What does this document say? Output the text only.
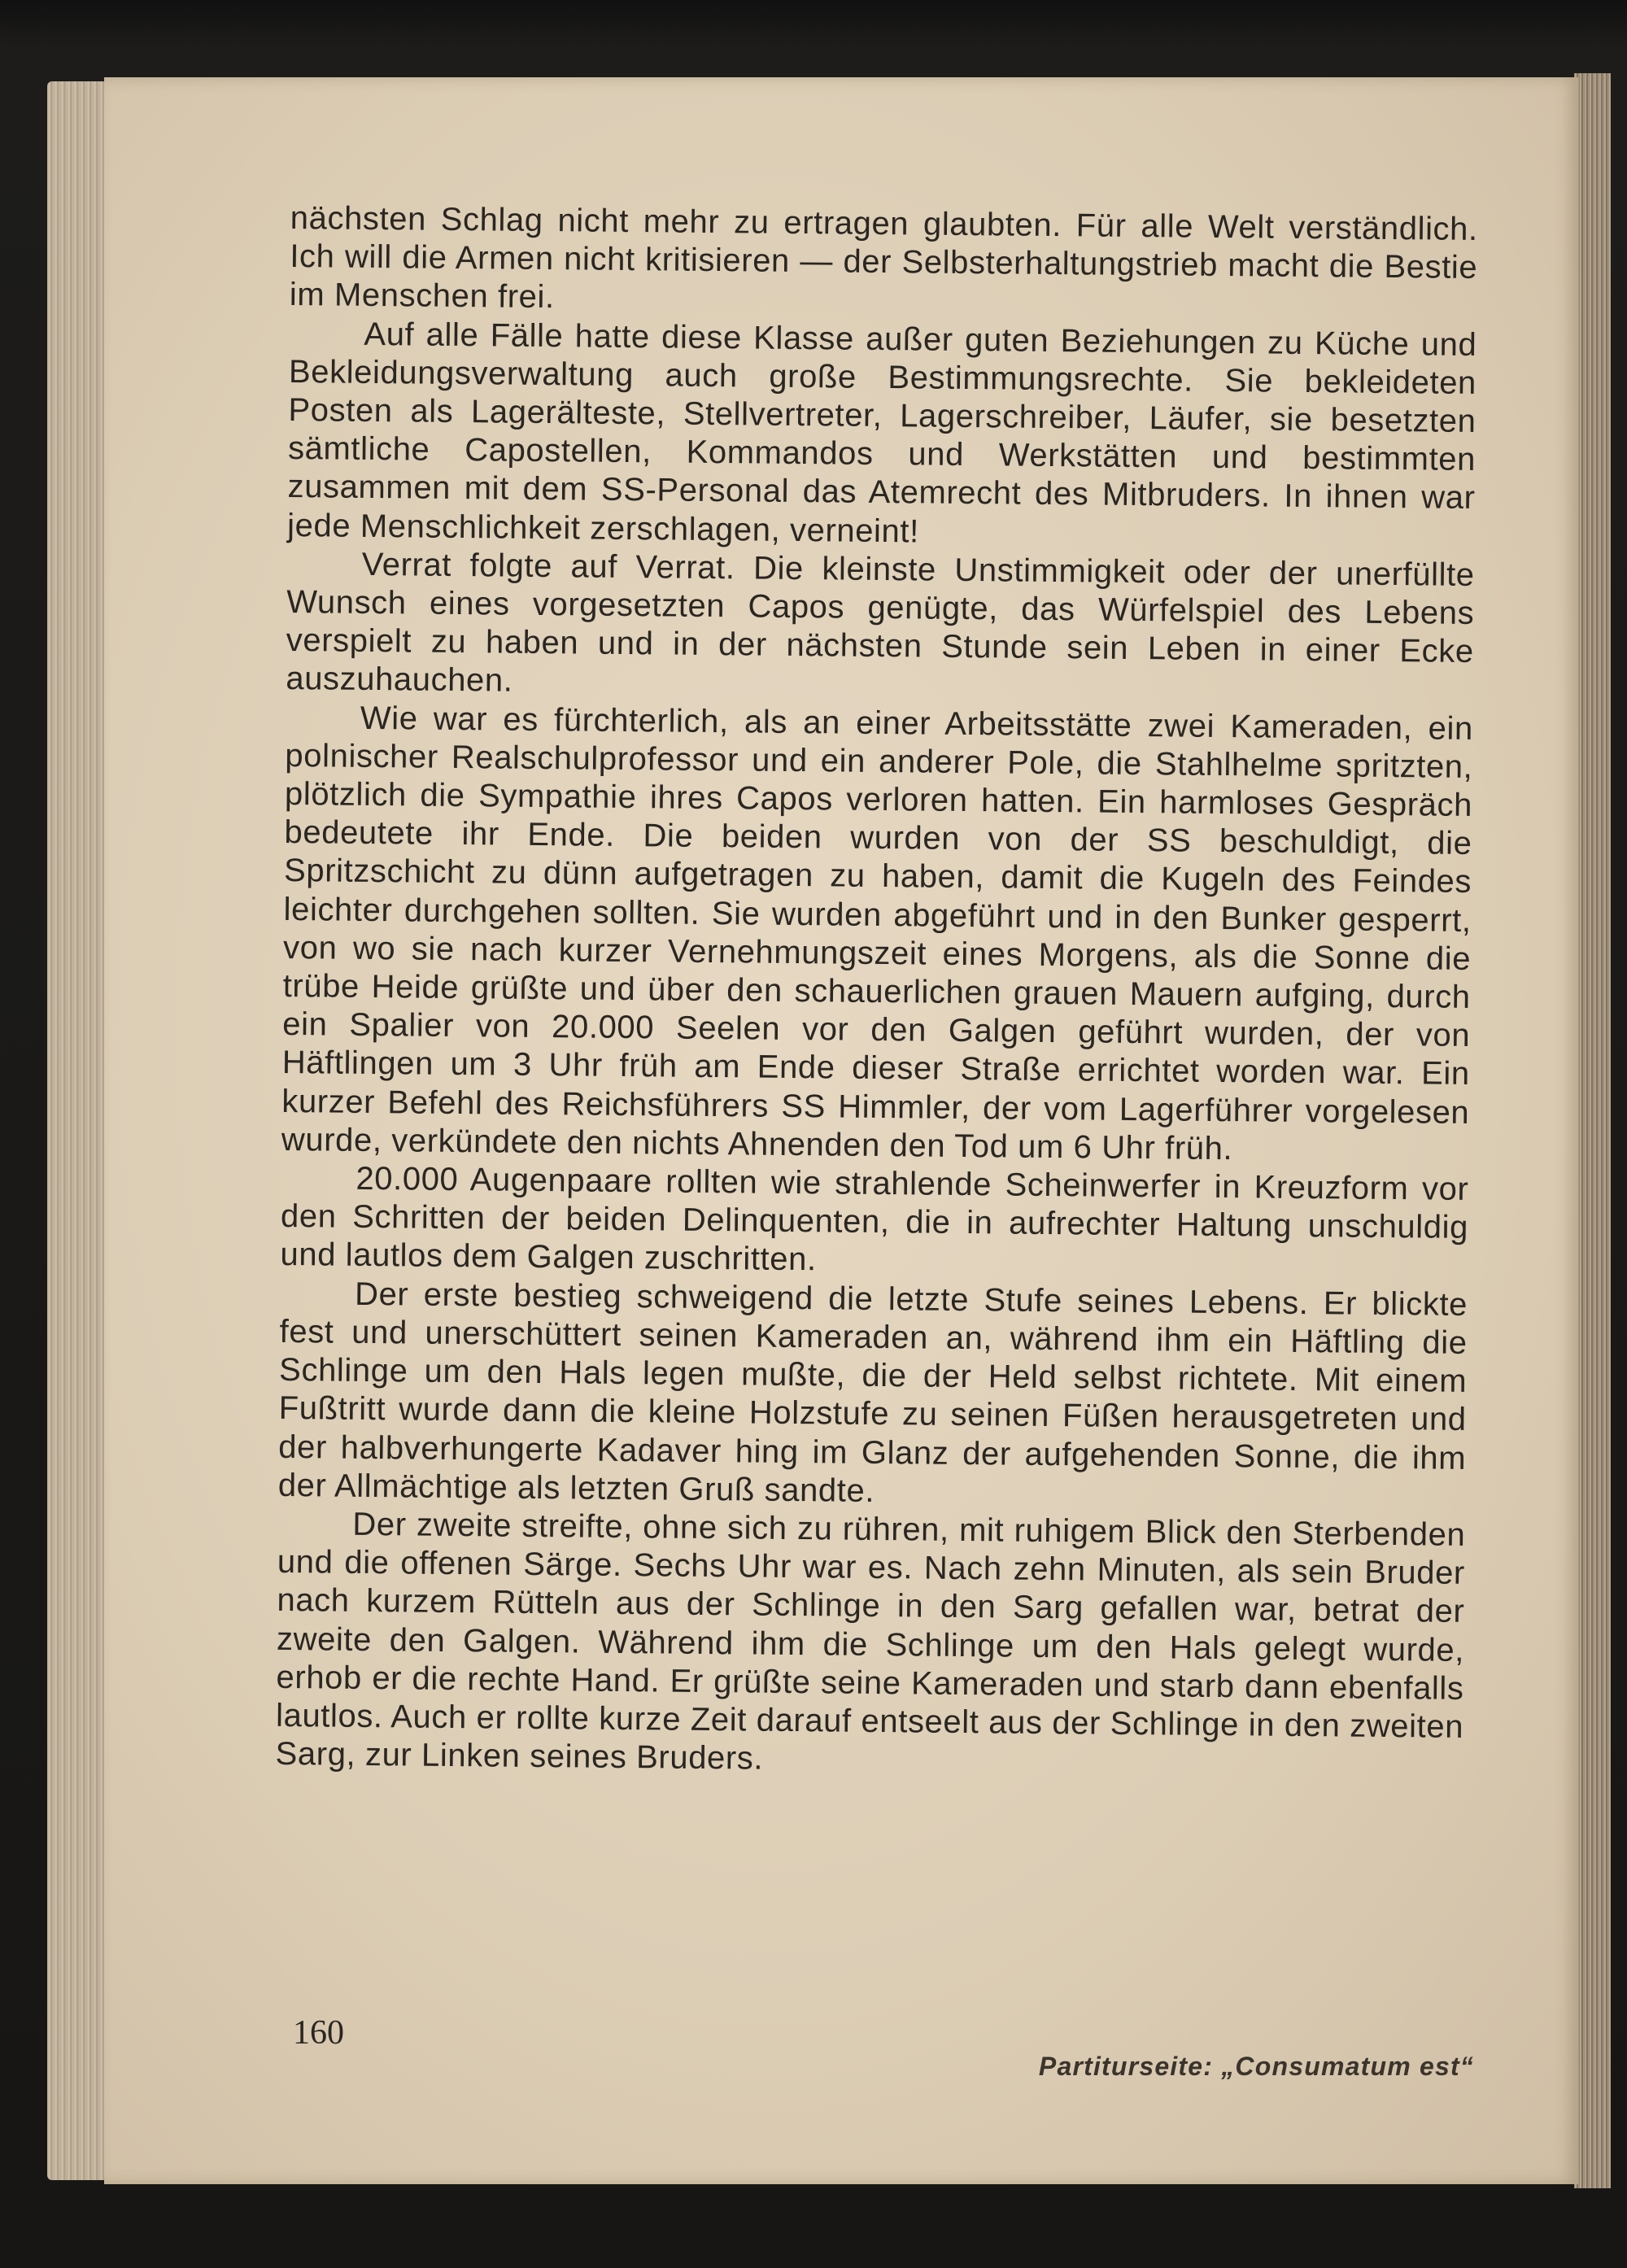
nächsten Schlag nicht mehr zu ertragen glaubten. Für alle Welt verständlich. Ich will die Armen nicht kritisieren — der Selbsterhaltungstrieb macht die Bestie im Menschen frei.

Auf alle Fälle hatte diese Klasse außer guten Beziehungen zu Küche und Bekleidungsverwaltung auch große Bestimmungsrechte. Sie bekleideten Posten als Lagerälteste, Stellvertreter, Lagerschreiber, Läufer, sie besetzten sämtliche Capostellen, Kommandos und Werkstätten und bestimmten zusammen mit dem SS-Personal das Atemrecht des Mitbruders. In ihnen war jede Menschlichkeit zerschlagen, verneint!

Verrat folgte auf Verrat. Die kleinste Unstimmigkeit oder der unerfüllte Wunsch eines vorgesetzten Capos genügte, das Würfelspiel des Lebens verspielt zu haben und in der nächsten Stunde sein Leben in einer Ecke auszuhauchen.

Wie war es fürchterlich, als an einer Arbeitsstätte zwei Kameraden, ein polnischer Realschulprofessor und ein anderer Pole, die Stahlhelme spritzten, plötzlich die Sympathie ihres Capos verloren hatten. Ein harmloses Gespräch bedeutete ihr Ende. Die beiden wurden von der SS beschuldigt, die Spritzschicht zu dünn aufgetragen zu haben, damit die Kugeln des Feindes leichter durchgehen sollten. Sie wurden abgeführt und in den Bunker gesperrt, von wo sie nach kurzer Vernehmungszeit eines Morgens, als die Sonne die trübe Heide grüßte und über den schauerlichen grauen Mauern aufging, durch ein Spalier von 20.000 Seelen vor den Galgen geführt wurden, der von Häftlingen um 3 Uhr früh am Ende dieser Straße errichtet worden war. Ein kurzer Befehl des Reichsführers SS Himmler, der vom Lagerführer vorgelesen wurde, verkündete den nichts Ahnenden den Tod um 6 Uhr früh.

20.000 Augenpaare rollten wie strahlende Scheinwerfer in Kreuzform vor den Schritten der beiden Delinquenten, die in aufrechter Haltung unschuldig und lautlos dem Galgen zuschritten.

Der erste bestieg schweigend die letzte Stufe seines Lebens. Er blickte fest und unerschüttert seinen Kameraden an, während ihm ein Häftling die Schlinge um den Hals legen mußte, die der Held selbst richtete. Mit einem Fußtritt wurde dann die kleine Holzstufe zu seinen Füßen herausgetreten und der halbverhungerte Kadaver hing im Glanz der aufgehenden Sonne, die ihm der Allmächtige als letzten Gruß sandte.

Der zweite streifte, ohne sich zu rühren, mit ruhigem Blick den Sterbenden und die offenen Särge. Sechs Uhr war es. Nach zehn Minuten, als sein Bruder nach kurzem Rütteln aus der Schlinge in den Sarg gefallen war, betrat der zweite den Galgen. Während ihm die Schlinge um den Hals gelegt wurde, erhob er die rechte Hand. Er grüßte seine Kameraden und starb dann ebenfalls lautlos. Auch er rollte kurze Zeit darauf entseelt aus der Schlinge in den zweiten Sarg, zur Linken seines Bruders.

160
Partiturseite: „Consumatum est“
